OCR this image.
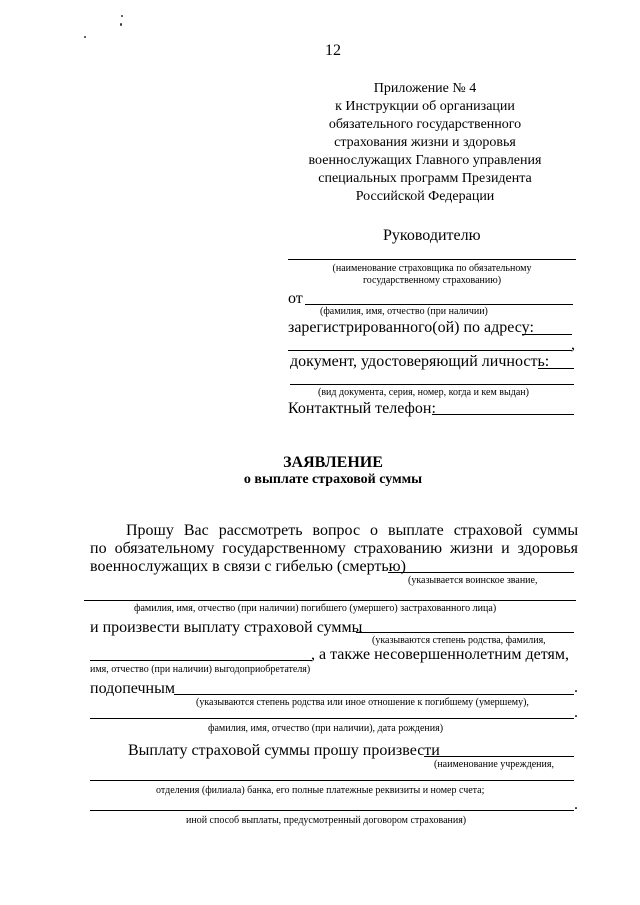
12
Приложение № 4
к Инструкции об организации
обязательного государственного
страхования жизни и здоровья
военнослужащих Главного управления
специальных программ Президента
Российской Федерации
Руководителю
(наименование страховщика по обязательному
государственному страхованию)
от
(фамилия, имя, отчество (при наличии)
зарегистрированного(ой) по адресу:
,
документ, удостоверяющий личность:
(вид документа, серия, номер, когда и кем выдан)
Контактный телефон:
ЗАЯВЛЕНИЕ
о выплате страховой суммы
Прошу Вас рассмотреть вопрос о выплате страховой суммы
по обязательному государственному страхованию жизни и здоровья
военнослужащих в связи с гибелью (смертью)
(указывается воинское звание,
фамилия, имя, отчество (при наличии) погибшего (умершего) застрахованного лица)
и произвести выплату страховой суммы
(указываются степень родства, фамилия,
, а также несовершеннолетним детям,
имя, отчество (при наличии) выгодоприобретателя)
подопечным	.
(указываются степень родства или иное отношение к погибшему (умершему),
.
фамилия, имя, отчество (при наличии), дата рождения)
Выплату страховой суммы прошу произвести
(наименование учреждения,
отделения (филиала) банка, его полные платежные реквизиты и номер счета;
.
иной способ выплаты, предусмотренный договором страхования)
